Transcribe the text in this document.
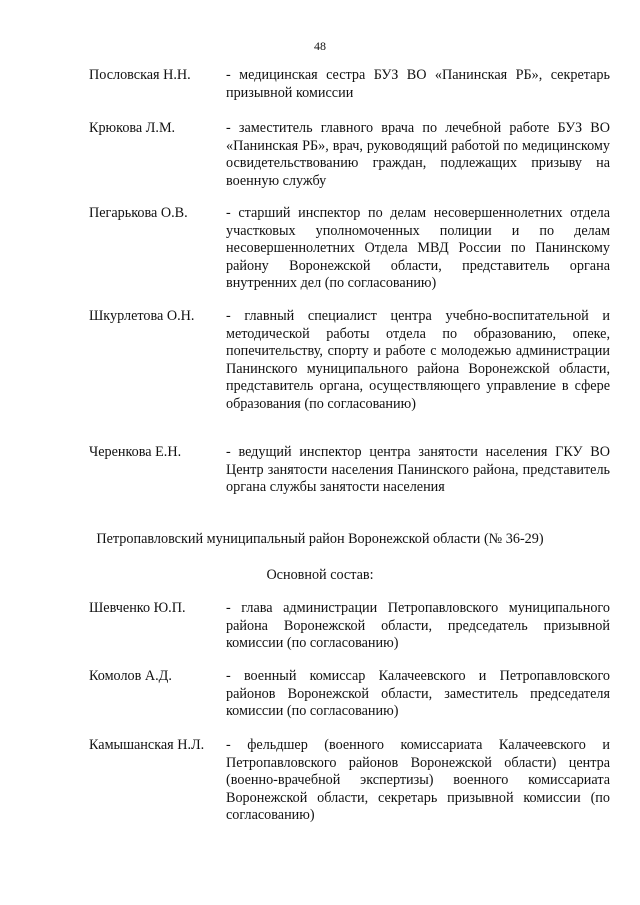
48
Пословская Н.Н.	- медицинская сестра БУЗ ВО «Панинская РБ», секретарь призывной комиссии
Крюкова Л.М.	- заместитель главного врача по лечебной работе БУЗ ВО «Панинская РБ», врач, руководящий работой по медицинскому освидетельствованию граждан, подлежащих призыву на военную службу
Пегарькова О.В.	- старший инспектор по делам несовершеннолетних отдела участковых уполномоченных полиции и по делам несовершеннолетних Отдела МВД России по Панинскому району Воронежской области, представитель органа внутренних дел (по согласованию)
Шкурлетова О.Н.	- главный специалист центра учебно-воспитательной и методической работы отдела по образованию, опеке, попечительству, спорту и работе с молодежью администрации Панинского муниципального района Воронежской области, представитель органа, осуществляющего управление в сфере образования (по согласованию)
Черенкова Е.Н.	- ведущий инспектор центра занятости населения ГКУ ВО Центр занятости населения Панинского района, представитель органа службы занятости населения
Петропавловский муниципальный район Воронежской области (№ 36-29)
Основной состав:
Шевченко Ю.П.	- глава администрации Петропавловского муниципального района Воронежской области, председатель призывной комиссии (по согласованию)
Комолов А.Д.	- военный комиссар Калачеевского и Петропавловского районов Воронежской области, заместитель председателя комиссии (по согласованию)
Камышанская Н.Л.	- фельдшер (военного комиссариата Калачеевского и Петропавловского районов Воронежской области) центра (военно-врачебной экспертизы) военного комиссариата Воронежской области, секретарь призывной комиссии (по согласованию)
